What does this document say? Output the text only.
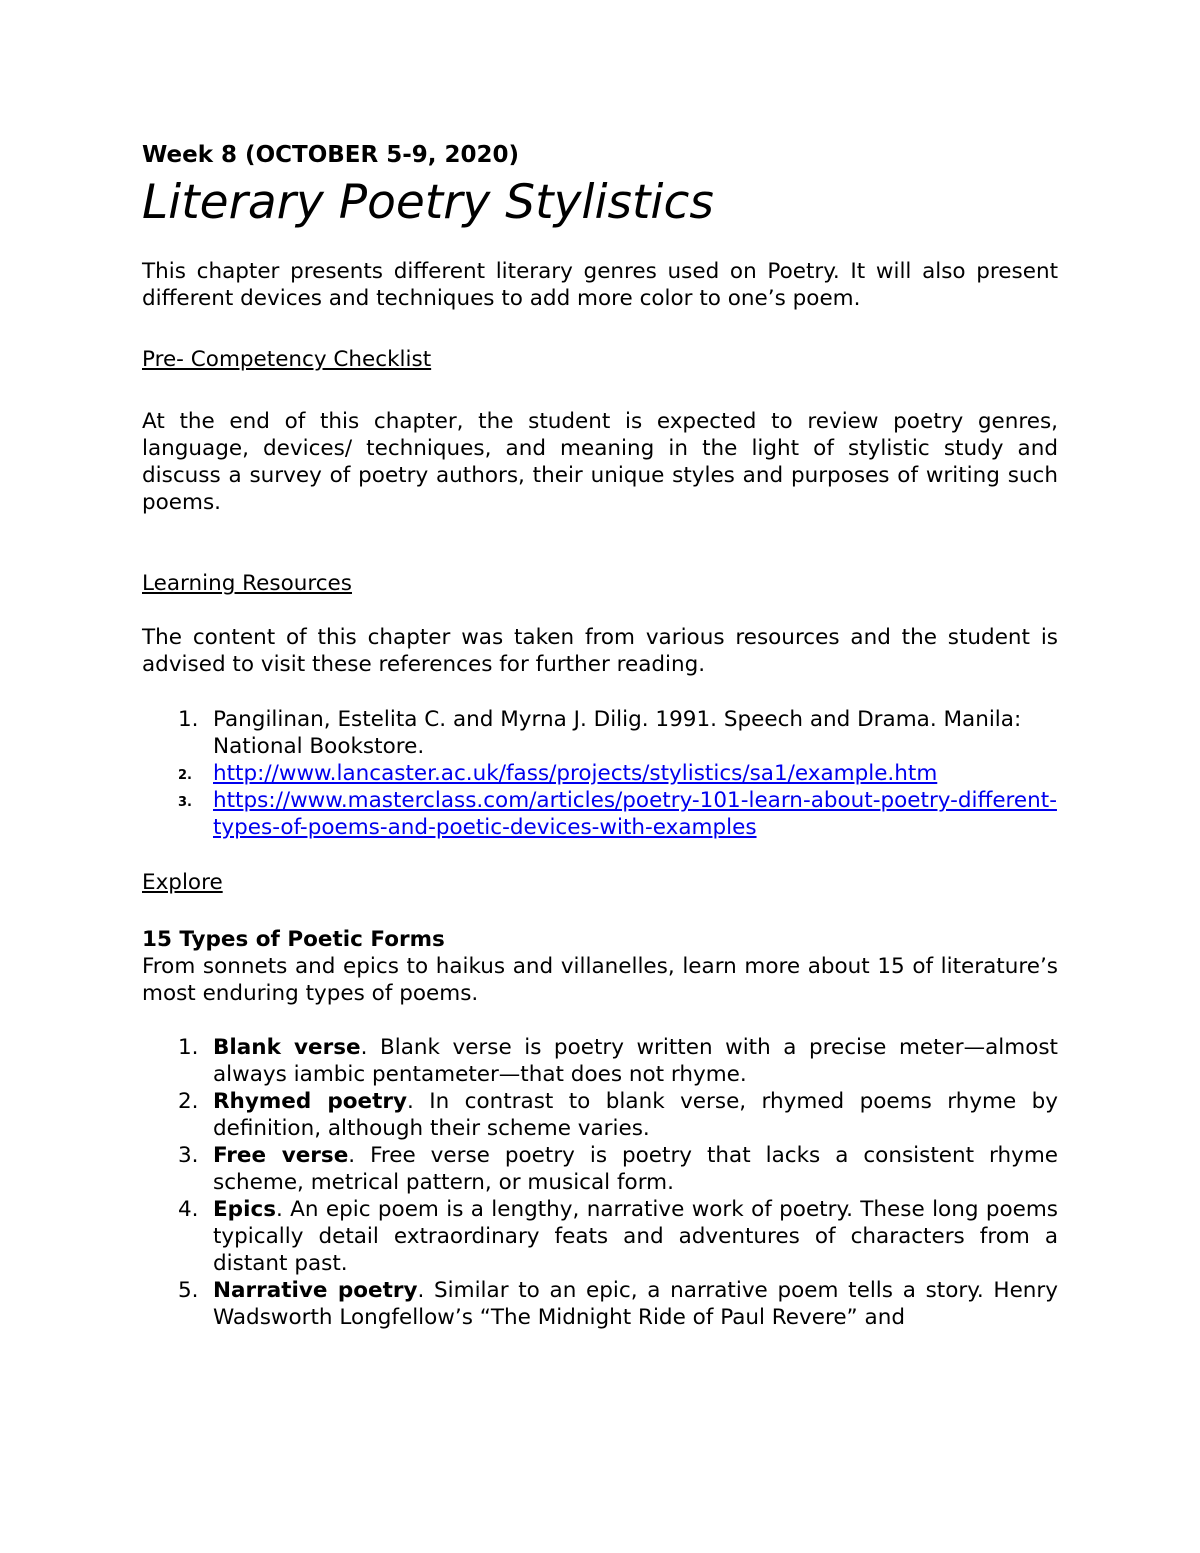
Week 8 (OCTOBER 5-9, 2020)

Literary Poetry Stylistics

This chapter presents different literary genres used on Poetry. It will also present different devices and techniques to add more color to one’s poem.

Pre- Competency Checklist

At the end of this chapter, the student is expected to review poetry genres, language, devices/ techniques, and meaning in the light of stylistic study and discuss a survey of poetry authors, their unique styles and purposes of writing such poems.

Learning Resources

The content of this chapter was taken from various resources and the student is advised to visit these references for further reading.

1. Pangilinan, Estelita C. and Myrna J. Dilig. 1991. Speech and Drama. Manila: National Bookstore.
2. http://www.lancaster.ac.uk/fass/projects/stylistics/sa1/example.htm
3. https://www.masterclass.com/articles/poetry-101-learn-about-poetry-different-types-of-poems-and-poetic-devices-with-examples

Explore

15 Types of Poetic Forms

From sonnets and epics to haikus and villanelles, learn more about 15 of literature’s most enduring types of poems.

1. Blank verse. Blank verse is poetry written with a precise meter—almost always iambic pentameter—that does not rhyme.
2. Rhymed poetry. In contrast to blank verse, rhymed poems rhyme by definition, although their scheme varies.
3. Free verse. Free verse poetry is poetry that lacks a consistent rhyme scheme, metrical pattern, or musical form.
4. Epics. An epic poem is a lengthy, narrative work of poetry. These long poems typically detail extraordinary feats and adventures of characters from a distant past.
5. Narrative poetry. Similar to an epic, a narrative poem tells a story. Henry Wadsworth Longfellow’s “The Midnight Ride of Paul Revere” and
